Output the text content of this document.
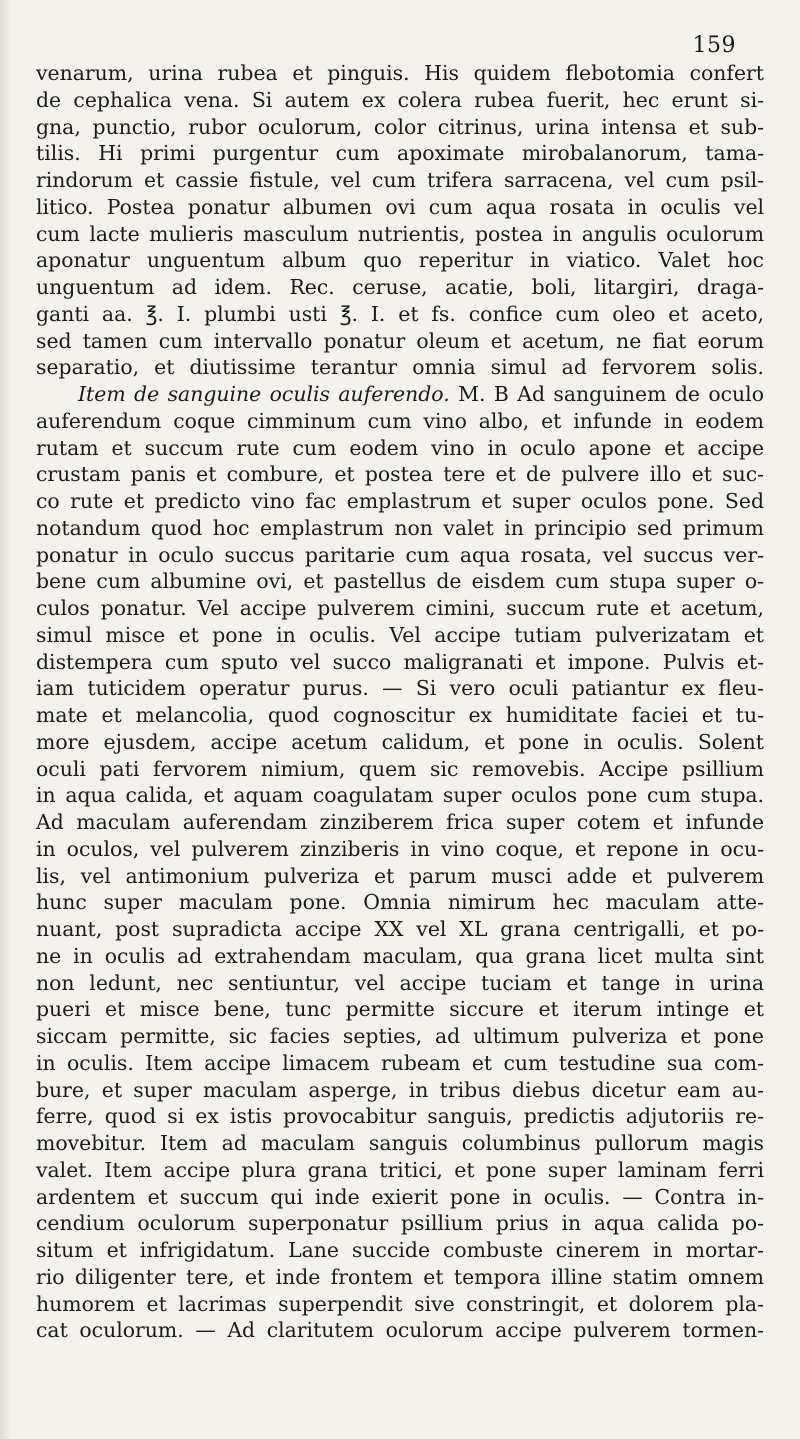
159
venarum, urina rubea et pinguis. His quidem flebotomia confert
de cephalica vena. Si autem ex colera rubea fuerit, hec erunt si-
gna, punctio, rubor oculorum, color citrinus, urina intensa et sub-
tilis. Hi primi purgentur cum apoximate mirobalanorum, tama-
rindorum et cassie fistule, vel cum trifera sarracena, vel cum psil-
litico. Postea ponatur albumen ovi cum aqua rosata in oculis vel
cum lacte mulieris masculum nutrientis, postea in angulis oculorum
aponatur unguentum album quo reperitur in viatico. Valet hoc
unguentum ad idem. Rec. ceruse, acatie, boli, litargiri, draga-
ganti aa. ℥. I. plumbi usti ℥. I. et fs. confice cum oleo et aceto,
sed tamen cum intervallo ponatur oleum et acetum, ne fiat eorum
separatio, et diutissime terantur omnia simul ad fervorem solis.
Item de sanguine oculis auferendo. M. B Ad sanguinem de oculo
auferendum coque cimminum cum vino albo, et infunde in eodem
rutam et succum rute cum eodem vino in oculo apone et accipe
crustam panis et combure, et postea tere et de pulvere illo et suc-
co rute et predicto vino fac emplastrum et super oculos pone. Sed
notandum quod hoc emplastrum non valet in principio sed primum
ponatur in oculo succus paritarie cum aqua rosata, vel succus ver-
bene cum albumine ovi, et pastellus de eisdem cum stupa super o-
culos ponatur. Vel accipe pulverem cimini, succum rute et acetum,
simul misce et pone in oculis. Vel accipe tutiam pulverizatam et
distempera cum sputo vel succo maligranati et impone. Pulvis et-
iam tuticidem operatur purus. — Si vero oculi patiantur ex fleu-
mate et melancolia, quod cognoscitur ex humiditate faciei et tu-
more ejusdem, accipe acetum calidum, et pone in oculis. Solent
oculi pati fervorem nimium, quem sic removebis. Accipe psillium
in aqua calida, et aquam coagulatam super oculos pone cum stupa.
Ad maculam auferendam zinziberem frica super cotem et infunde
in oculos, vel pulverem zinziberis in vino coque, et repone in ocu-
lis, vel antimonium pulveriza et parum musci adde et pulverem
hunc super maculam pone. Omnia nimirum hec maculam atte-
nuant, post supradicta accipe XX vel XL grana centrigalli, et po-
ne in oculis ad extrahendam maculam, qua grana licet multa sint
non ledunt, nec sentiuntur, vel accipe tuciam et tange in urina
pueri et misce bene, tunc permitte siccure et iterum intinge et
siccam permitte, sic facies septies, ad ultimum pulveriza et pone
in oculis. Item accipe limacem rubeam et cum testudine sua com-
bure, et super maculam asperge, in tribus diebus dicetur eam au-
ferre, quod si ex istis provocabitur sanguis, predictis adjutoriis re-
movebitur. Item ad maculam sanguis columbinus pullorum magis
valet. Item accipe plura grana tritici, et pone super laminam ferri
ardentem et succum qui inde exierit pone in oculis. — Contra in-
cendium oculorum superponatur psillium prius in aqua calida po-
situm et infrigidatum. Lane succide combuste cinerem in mortar-
rio diligenter tere, et inde frontem et tempora illine statim omnem
humorem et lacrimas superpendit sive constringit, et dolorem pla-
cat oculorum. — Ad claritutem oculorum accipe pulverem tormen-
